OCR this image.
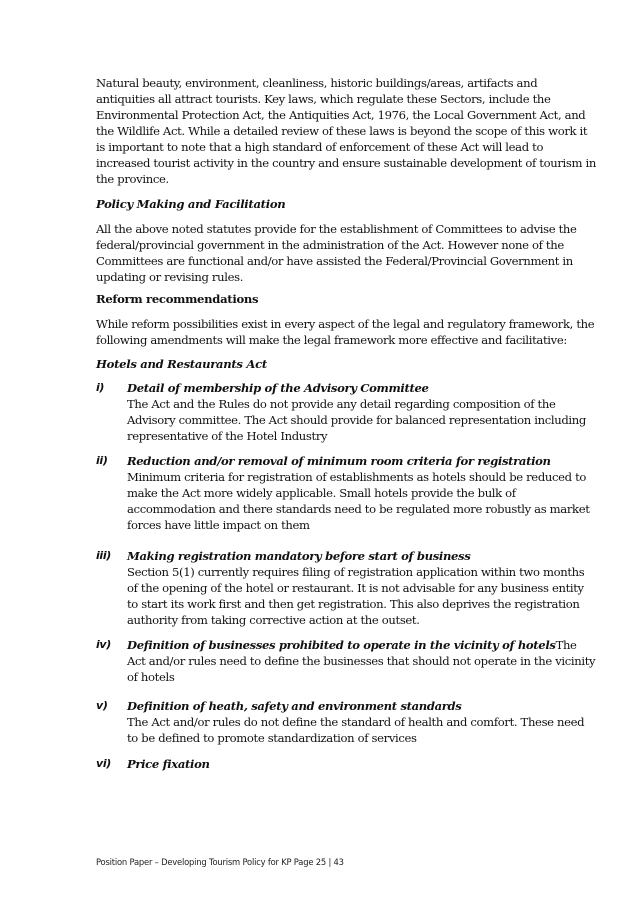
Natural beauty, environment, cleanliness, historic buildings/areas, artifacts and antiquities all attract tourists. Key laws, which regulate these Sectors, include the Environmental Protection Act, the Antiquities Act, 1976, the Local Government Act, and the Wildlife Act. While a detailed review of these laws is beyond the scope of this work it is important to note that a high standard of enforcement of these Act will lead to increased tourist activity in the country and ensure sustainable development of tourism in the province.

Policy Making and Facilitation

All the above noted statutes provide for the establishment of Committees to advise the federal/provincial government in the administration of the Act. However none of the Committees are functional and/or have assisted the Federal/Provincial Government in updating or revising rules.

Reform recommendations

While reform possibilities exist in every aspect of the legal and regulatory framework, the following amendments will make the legal framework more effective and facilitative:

Hotels and Restaurants Act

i) Detail of membership of the Advisory Committee
The Act and the Rules do not provide any detail regarding composition of the Advisory committee. The Act should provide for balanced representation including representative of the Hotel Industry
ii) Reduction and/or removal of minimum room criteria for registration Minimum criteria for registration of establishments as hotels should be reduced to make the Act more widely applicable. Small hotels provide the bulk of accommodation and there standards need to be regulated more robustly as market forces have little impact on them
iii) Making registration mandatory before start of business
Section 5(1) currently requires filing of registration application within two months of the opening of the hotel or restaurant. It is not advisable for any business entity to start its work first and then get registration. This also deprives the registration authority from taking corrective action at the outset.
iv) Definition of businesses prohibited to operate in the vicinity of hotelsThe Act and/or rules need to define the businesses that should not operate in the vicinity of hotels
v) Definition of heath, safety and environment standards
The Act and/or rules do not define the standard of health and comfort. These need to be defined to promote standardization of services
vi) Price fixation
Position Paper – Developing Tourism Policy for KP Page 25 | 43
